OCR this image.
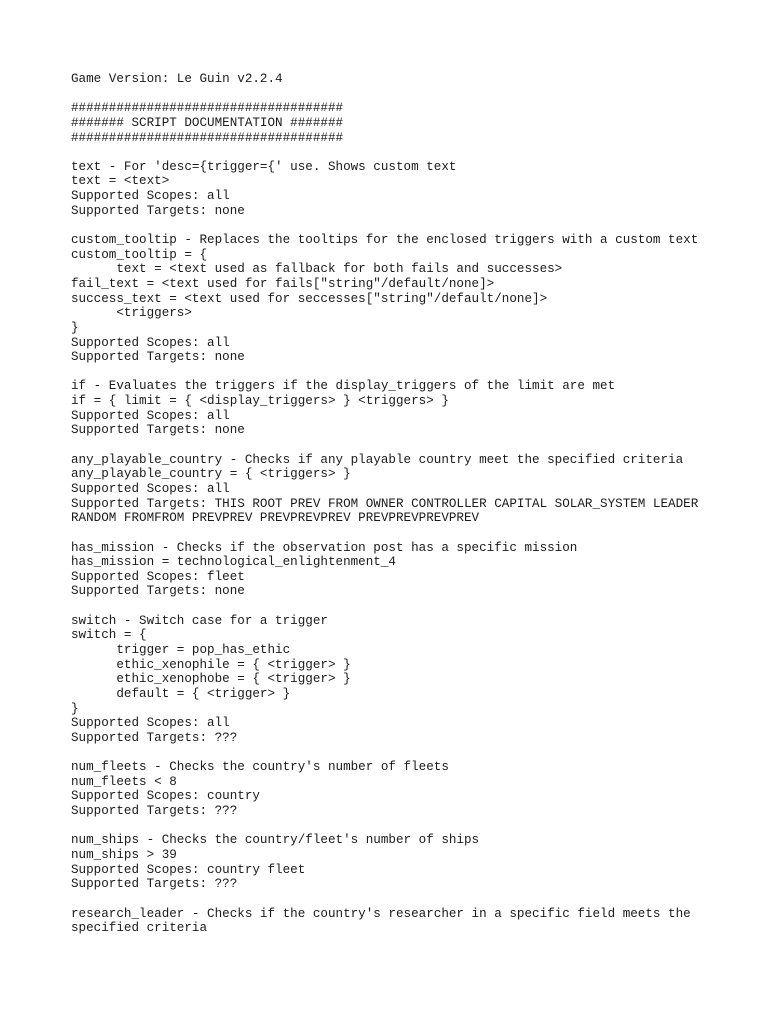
Game Version: Le Guin v2.2.4
####################################
####### SCRIPT DOCUMENTATION #######
####################################
text - For 'desc={trigger={' use. Shows custom text
text = <text>
Supported Scopes: all
Supported Targets: none
custom_tooltip - Replaces the tooltips for the enclosed triggers with a custom text
custom_tooltip = {
text = <text used as fallback for both fails and successes>
fail_text = <text used for fails["string"/default/none]>
success_text = <text used for seccesses["string"/default/none]>
<triggers>
}
Supported Scopes: all
Supported Targets: none
if - Evaluates the triggers if the display_triggers of the limit are met
if = { limit = { <display_triggers> } <triggers> }
Supported Scopes: all
Supported Targets: none
any_playable_country - Checks if any playable country meet the specified criteria
any_playable_country = { <triggers> }
Supported Scopes: all
Supported Targets: THIS ROOT PREV FROM OWNER CONTROLLER CAPITAL SOLAR_SYSTEM LEADER
RANDOM FROMFROM PREVPREV PREVPREVPREV PREVPREVPREVPREV
has_mission - Checks if the observation post has a specific mission
has_mission = technological_enlightenment_4
Supported Scopes: fleet
Supported Targets: none
switch - Switch case for a trigger
switch = {
trigger = pop_has_ethic
ethic_xenophile = { <trigger> }
ethic_xenophobe = { <trigger> }
default = { <trigger> }
}
Supported Scopes: all
Supported Targets: ???
num_fleets - Checks the country's number of fleets
num_fleets < 8
Supported Scopes: country
Supported Targets: ???
num_ships - Checks the country/fleet's number of ships
num_ships > 39
Supported Scopes: country fleet
Supported Targets: ???
research_leader - Checks if the country's researcher in a specific field meets the
specified criteria
